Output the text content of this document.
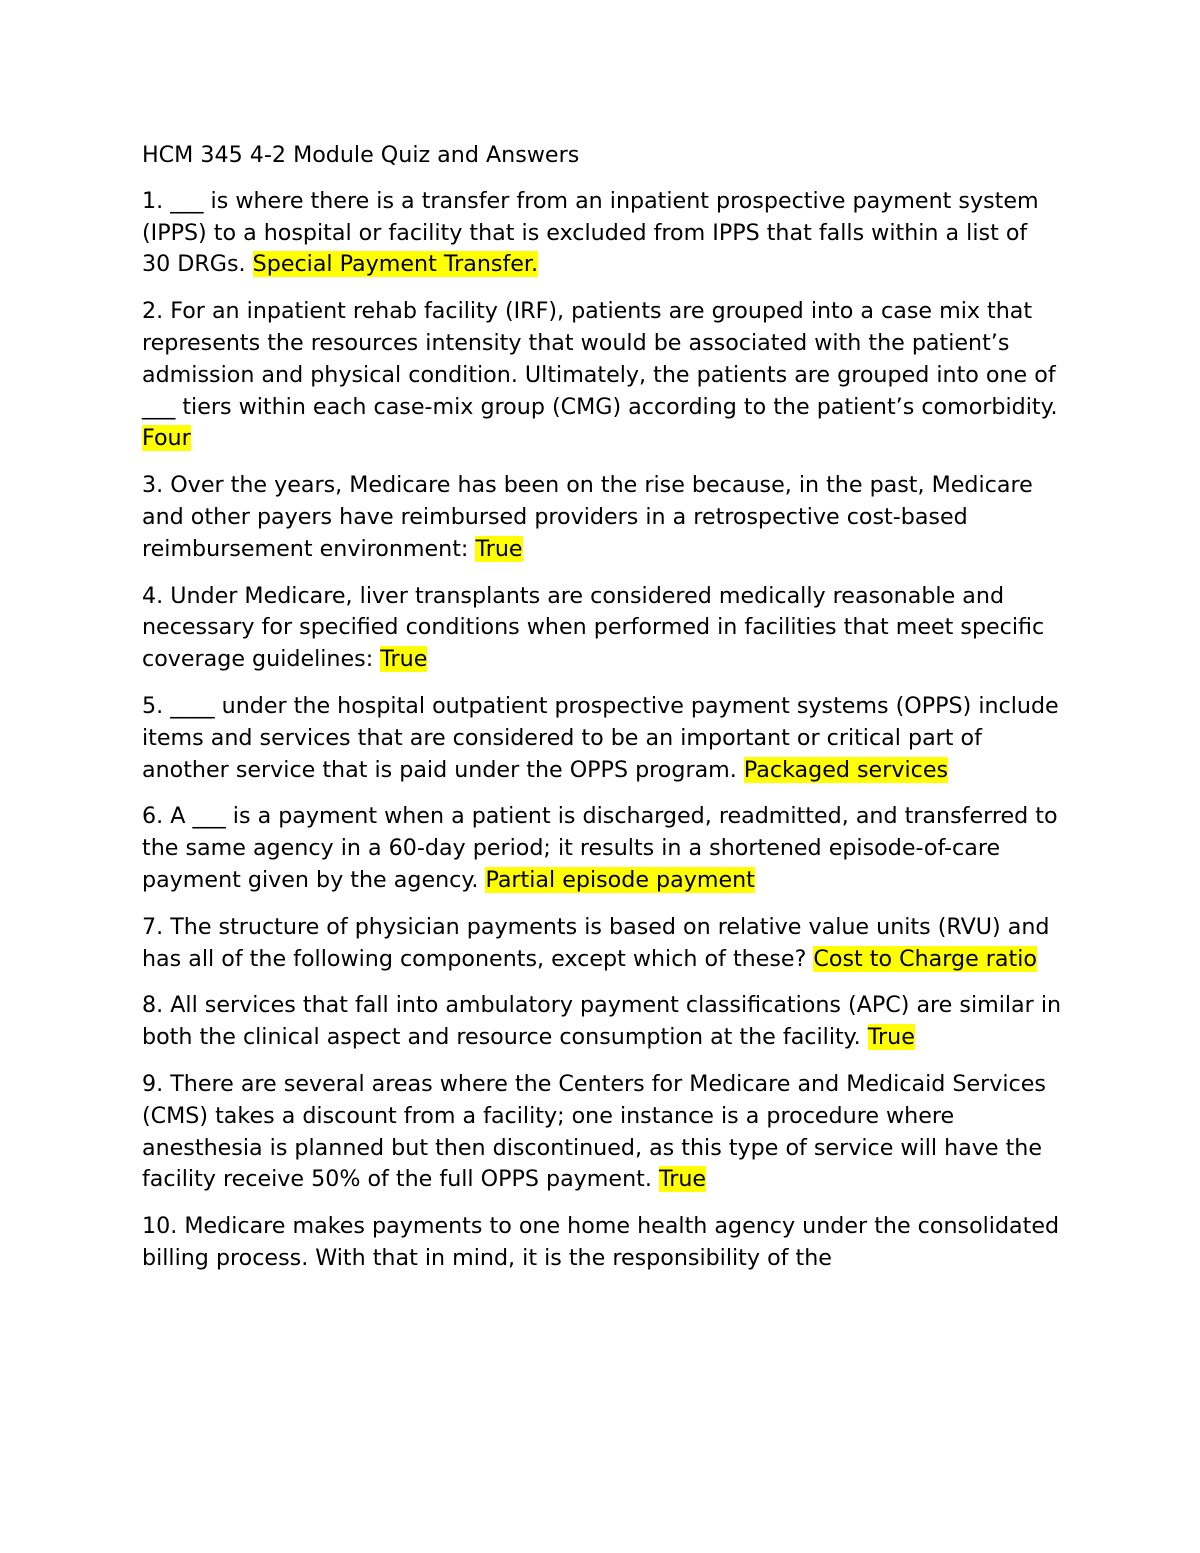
HCM 345 4-2 Module Quiz and Answers

1. ___ is where there is a transfer from an inpatient prospective payment system (IPPS) to a hospital or facility that is excluded from IPPS that falls within a list of 30 DRGs. Special Payment Transfer.

2. For an inpatient rehab facility (IRF), patients are grouped into a case mix that represents the resources intensity that would be associated with the patient’s admission and physical condition. Ultimately, the patients are grouped into one of ___ tiers within each case-mix group (CMG) according to the patient’s comorbidity. Four

3. Over the years, Medicare has been on the rise because, in the past, Medicare and other payers have reimbursed providers in a retrospective cost-based reimbursement environment: True

4. Under Medicare, liver transplants are considered medically reasonable and necessary for specified conditions when performed in facilities that meet specific coverage guidelines: True

5. ____ under the hospital outpatient prospective payment systems (OPPS) include items and services that are considered to be an important or critical part of another service that is paid under the OPPS program. Packaged services

6. A ___ is a payment when a patient is discharged, readmitted, and transferred to the same agency in a 60-day period; it results in a shortened episode-of-care payment given by the agency. Partial episode payment

7. The structure of physician payments is based on relative value units (RVU) and has all of the following components, except which of these? Cost to Charge ratio

8. All services that fall into ambulatory payment classifications (APC) are similar in both the clinical aspect and resource consumption at the facility. True

9. There are several areas where the Centers for Medicare and Medicaid Services (CMS) takes a discount from a facility; one instance is a procedure where anesthesia is planned but then discontinued, as this type of service will have the facility receive 50% of the full OPPS payment. True

10. Medicare makes payments to one home health agency under the consolidated billing process. With that in mind, it is the responsibility of the
